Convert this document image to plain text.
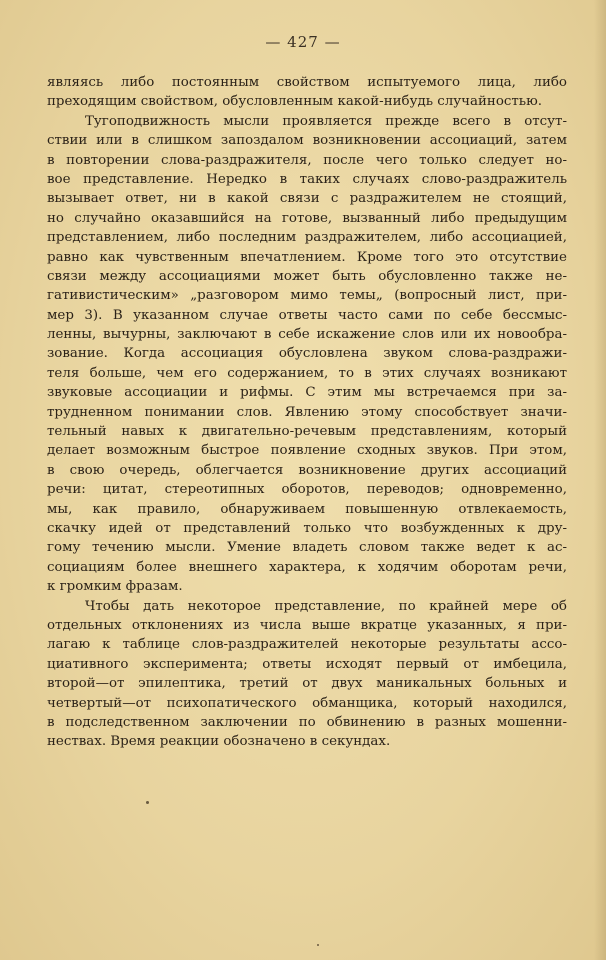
— 427 —
являясь либо постоянным свойством испытуемого лица, либо
преходящим свойством, обусловленным какой-нибудь случайностью.
Тугоподвижность мысли проявляется прежде всего в отсут-
ствии или в слишком запоздалом возникновении ассоциаций, затем
в повторении слова-раздражителя, после чего только следует но-
вое представление. Нередко в таких случаях слово-раздражитель
вызывает ответ, ни в какой связи с раздражителем не стоящий,
но случайно оказавшийся на готове, вызванный либо предыдущим
представлением, либо последним раздражителем, либо ассоциацией,
равно как чувственным впечатлением. Кроме того это отсутствие
связи между ассоциациями может быть обусловленно также не-
гативистическим» „разговором мимо темы„ (вопросный лист, при-
мер 3). В указанном случае ответы часто сами по себе бессмыс-
ленны, вычурны, заключают в себе искажение слов или их новообра-
зование. Когда ассоциация обусловлена звуком слова-раздражи-
теля больше, чем его содержанием, то в этих случаях возникают
звуковые ассоциации и рифмы. С этим мы встречаемся при за-
трудненном понимании слов. Явлению этому способствует значи-
тельный навых к двигательно-речевым представлениям, который
делает возможным быстрое появление сходных звуков. При этом,
в свою очередь, облегчается возникновение других ассоциаций
речи: цитат, стереотипных оборотов, переводов; одновременно,
мы, как правило, обнаруживаем повышенную отвлекаемость,
скачку идей от представлений только что возбужденных к дру-
гому течению мысли. Умение владеть словом также ведет к ас-
социациям более внешнего характера, к ходячим оборотам речи,
к громким фразам.
Чтобы дать некоторое представление, по крайней мере об
отдельных отклонениях из числа выше вкратце указанных, я при-
лагаю к таблице слов-раздражителей некоторые результаты ассо-
циативного эксперимента; ответы исходят первый от имбецила,
второй—от эпилептика, третий от двух маникальных больных и
четвертый—от психопатического обманщика, который находился,
в подследственном заключении по обвинению в разных мошенни-
нествах. Время реакции обозначено в секундах.
